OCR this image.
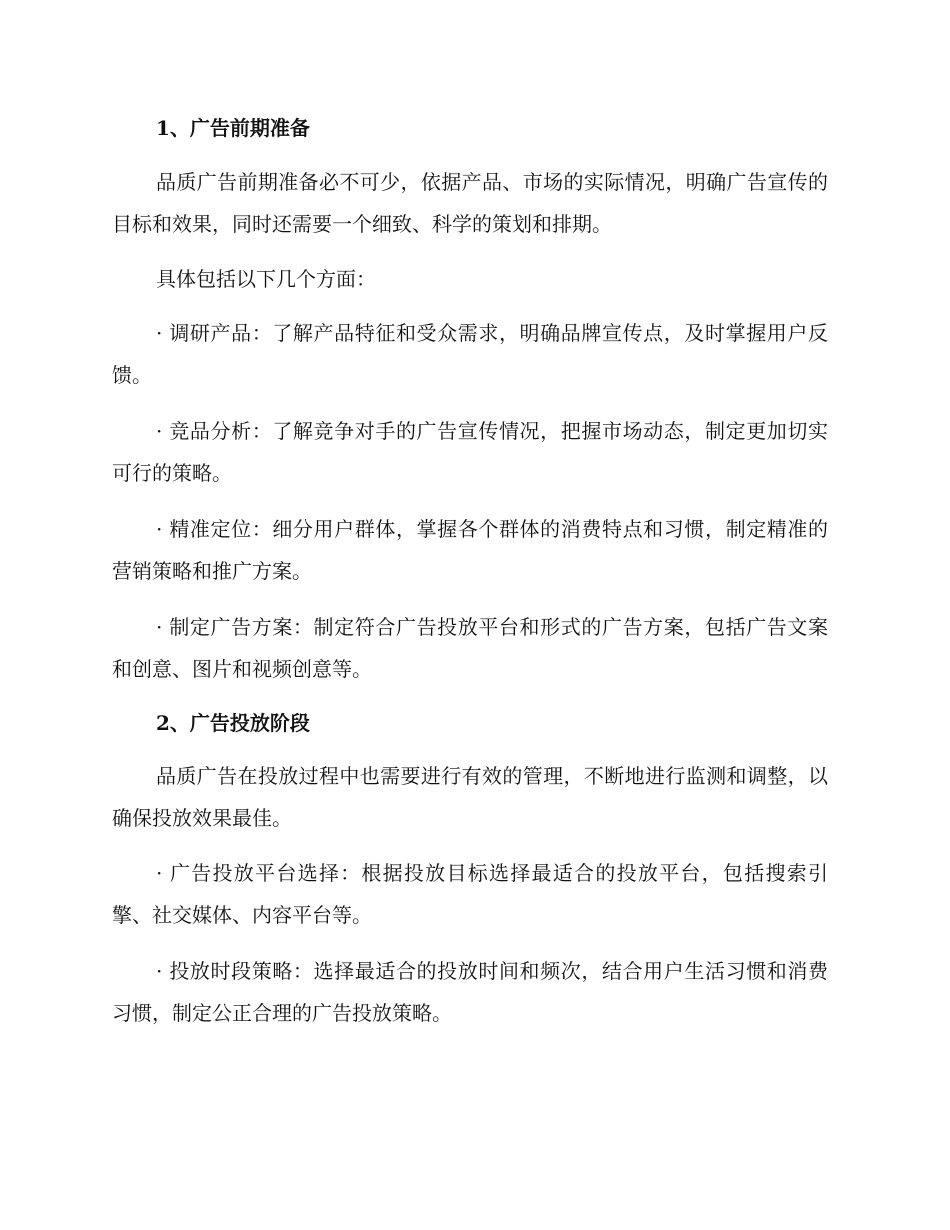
1、广告前期准备

品质广告前期准备必不可少，依据产品、市场的实际情况，明确广告宣传的目标和效果，同时还需要一个细致、科学的策划和排期。

具体包括以下几个方面：

· 调研产品：了解产品特征和受众需求，明确品牌宣传点，及时掌握用户反馈。

· 竞品分析：了解竞争对手的广告宣传情况，把握市场动态，制定更加切实可行的策略。

· 精准定位：细分用户群体，掌握各个群体的消费特点和习惯，制定精准的营销策略和推广方案。

· 制定广告方案：制定符合广告投放平台和形式的广告方案，包括广告文案和创意、图片和视频创意等。

2、广告投放阶段

品质广告在投放过程中也需要进行有效的管理，不断地进行监测和调整，以确保投放效果最佳。

· 广告投放平台选择：根据投放目标选择最适合的投放平台，包括搜索引擎、社交媒体、内容平台等。

· 投放时段策略：选择最适合的投放时间和频次，结合用户生活习惯和消费习惯，制定公正合理的广告投放策略。
